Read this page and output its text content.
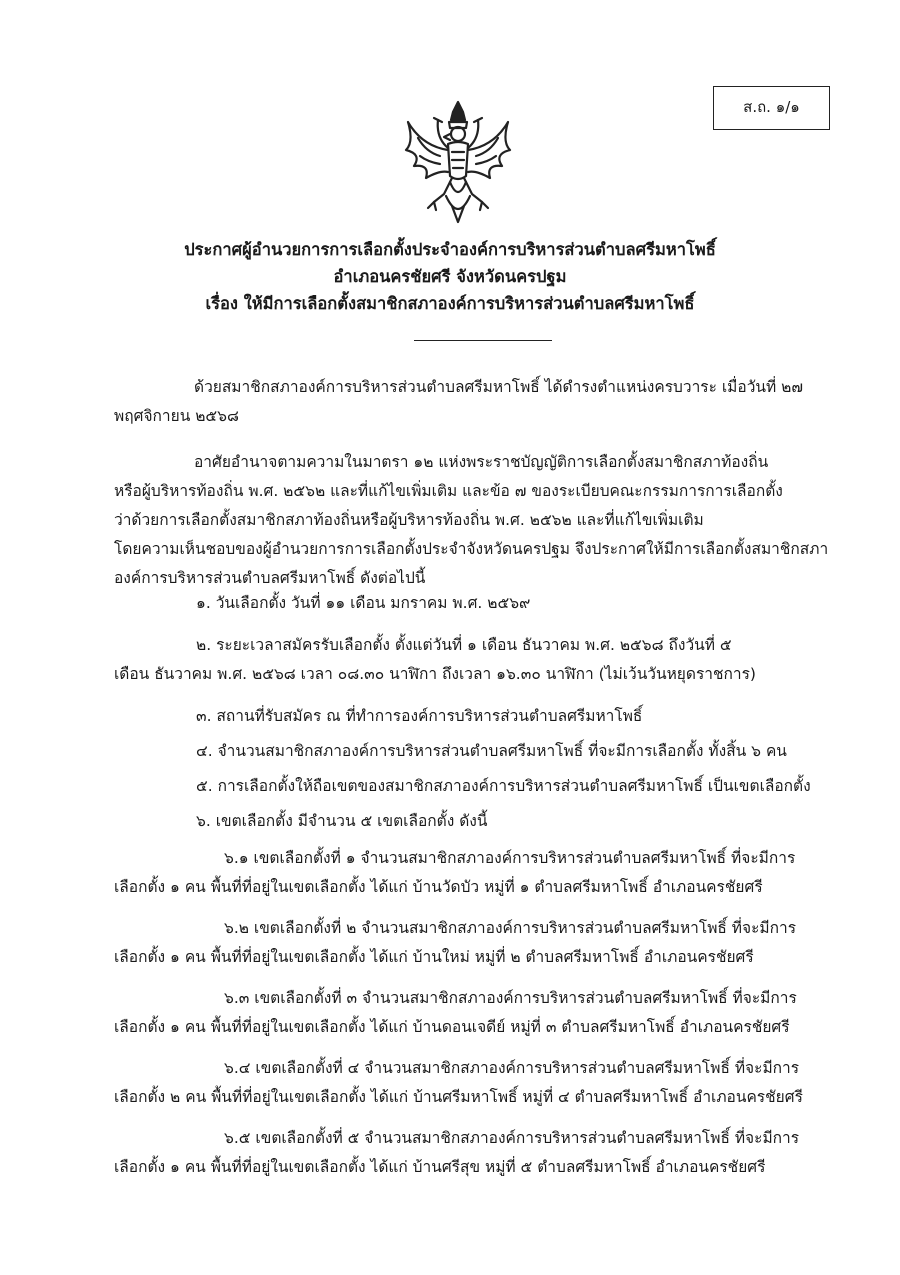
ส.ถ. ๑/๑
ประกาศผู้อำนวยการการเลือกตั้งประจำองค์การบริหารส่วนตำบลศรีมหาโพธิ์
อำเภอนครชัยศรี จังหวัดนครปฐม
เรื่อง ให้มีการเลือกตั้งสมาชิกสภาองค์การบริหารส่วนตำบลศรีมหาโพธิ์
ด้วยสมาชิกสภาองค์การบริหารส่วนตำบลศรีมหาโพธิ์ ได้ดำรงตำแหน่งครบวาระ เมื่อวันที่ ๒๗
พฤศจิกายน ๒๕๖๘
อาศัยอำนาจตามความในมาตรา ๑๒ แห่งพระราชบัญญัติการเลือกตั้งสมาชิกสภาท้องถิ่น
หรือผู้บริหารท้องถิ่น พ.ศ. ๒๕๖๒ และที่แก้ไขเพิ่มเติม และข้อ ๗ ของระเบียบคณะกรรมการการเลือกตั้ง
ว่าด้วยการเลือกตั้งสมาชิกสภาท้องถิ่นหรือผู้บริหารท้องถิ่น พ.ศ. ๒๕๖๒ และที่แก้ไขเพิ่มเติม
โดยความเห็นชอบของผู้อำนวยการการเลือกตั้งประจำจังหวัดนครปฐม จึงประกาศให้มีการเลือกตั้งสมาชิกสภา
องค์การบริหารส่วนตำบลศรีมหาโพธิ์ ดังต่อไปนี้
๑. วันเลือกตั้ง วันที่ ๑๑ เดือน มกราคม พ.ศ. ๒๕๖๙
๒. ระยะเวลาสมัครรับเลือกตั้ง ตั้งแต่วันที่ ๑ เดือน ธันวาคม พ.ศ. ๒๕๖๘ ถึงวันที่ ๕
เดือน ธันวาคม พ.ศ. ๒๕๖๘ เวลา ๐๘.๓๐ นาฬิกา ถึงเวลา ๑๖.๓๐ นาฬิกา (ไม่เว้นวันหยุดราชการ)
๓. สถานที่รับสมัคร ณ ที่ทำการองค์การบริหารส่วนตำบลศรีมหาโพธิ์
๔. จำนวนสมาชิกสภาองค์การบริหารส่วนตำบลศรีมหาโพธิ์ ที่จะมีการเลือกตั้ง ทั้งสิ้น ๖ คน
๕. การเลือกตั้งให้ถือเขตของสมาชิกสภาองค์การบริหารส่วนตำบลศรีมหาโพธิ์ เป็นเขตเลือกตั้ง
๖. เขตเลือกตั้ง มีจำนวน ๕ เขตเลือกตั้ง ดังนี้
๖.๑ เขตเลือกตั้งที่ ๑ จำนวนสมาชิกสภาองค์การบริหารส่วนตำบลศรีมหาโพธิ์ ที่จะมีการ
เลือกตั้ง ๑ คน พื้นที่ที่อยู่ในเขตเลือกตั้ง ได้แก่ บ้านวัดบัว หมู่ที่ ๑ ตำบลศรีมหาโพธิ์ อำเภอนครชัยศรี
๖.๒ เขตเลือกตั้งที่ ๒ จำนวนสมาชิกสภาองค์การบริหารส่วนตำบลศรีมหาโพธิ์ ที่จะมีการ
เลือกตั้ง ๑ คน พื้นที่ที่อยู่ในเขตเลือกตั้ง ได้แก่ บ้านใหม่ หมู่ที่ ๒ ตำบลศรีมหาโพธิ์ อำเภอนครชัยศรี
๖.๓ เขตเลือกตั้งที่ ๓ จำนวนสมาชิกสภาองค์การบริหารส่วนตำบลศรีมหาโพธิ์ ที่จะมีการ
เลือกตั้ง ๑ คน พื้นที่ที่อยู่ในเขตเลือกตั้ง ได้แก่ บ้านดอนเจดีย์ หมู่ที่ ๓ ตำบลศรีมหาโพธิ์ อำเภอนครชัยศรี
๖.๔ เขตเลือกตั้งที่ ๔ จำนวนสมาชิกสภาองค์การบริหารส่วนตำบลศรีมหาโพธิ์ ที่จะมีการ
เลือกตั้ง ๒ คน พื้นที่ที่อยู่ในเขตเลือกตั้ง ได้แก่ บ้านศรีมหาโพธิ์ หมู่ที่ ๔ ตำบลศรีมหาโพธิ์ อำเภอนครชัยศรี
๖.๕ เขตเลือกตั้งที่ ๕ จำนวนสมาชิกสภาองค์การบริหารส่วนตำบลศรีมหาโพธิ์ ที่จะมีการ
เลือกตั้ง ๑ คน พื้นที่ที่อยู่ในเขตเลือกตั้ง ได้แก่ บ้านศรีสุข หมู่ที่ ๕ ตำบลศรีมหาโพธิ์ อำเภอนครชัยศรี
